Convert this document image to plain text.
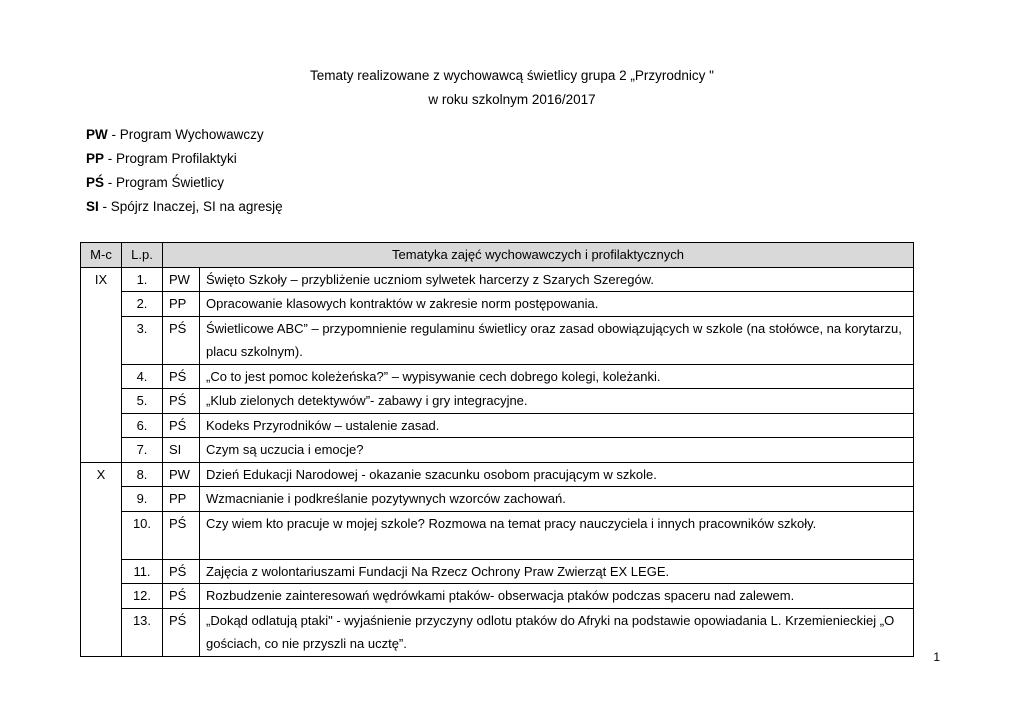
Tematy realizowane z wychowawcą świetlicy grupa 2 „Przyrodnicy "
w roku szkolnym 2016/2017
PW - Program Wychowawczy
PP - Program Profilaktyki
PŚ - Program Świetlicy
SI - Spójrz Inaczej, SI na agresję
M-c	L.p.	Tematyka zajęć wychowawczych i profilaktycznych	
IX	1.	PW	Święto Szkoły – przybliżenie uczniom sylwetek harcerzy z Szarych Szeregów.
	2.	PP	Opracowanie klasowych kontraktów w zakresie norm postępowania.
	3.	PŚ	Świetlicowe ABC” – przypomnienie regulaminu świetlicy oraz zasad obowiązujących w szkole (na stołówce, na korytarzu, placu szkolnym).
	4.	PŚ	„Co to jest pomoc koleżeńska?” – wypisywanie cech dobrego kolegi, koleżanki.
	5.	PŚ	„Klub zielonych detektywów”- zabawy i gry integracyjne.
	6.	PŚ	Kodeks Przyrodników – ustalenie zasad.
	7.	SI	Czym są uczucia i emocje?
X	8.	PW	Dzień Edukacji Narodowej - okazanie szacunku osobom pracującym w szkole.
	9.	PP	Wzmacnianie i podkreślanie pozytywnych wzorców zachowań.
	10.	PŚ	Czy wiem kto pracuje w mojej szkole? Rozmowa na temat pracy nauczyciela i innych pracowników szkoły.
	11.	PŚ	Zajęcia z wolontariuszami Fundacji Na Rzecz Ochrony Praw Zwierząt EX LEGE.
	12.	PŚ	Rozbudzenie zainteresowań wędrówkami ptaków- obserwacja ptaków podczas spaceru nad zalewem.
	13.	PŚ	„Dokąd odlatują ptaki" - wyjaśnienie przyczyny odlotu ptaków do Afryki na podstawie opowiadania L. Krzemienieckiej „O gościach, co nie przyszli na ucztę”.
1
